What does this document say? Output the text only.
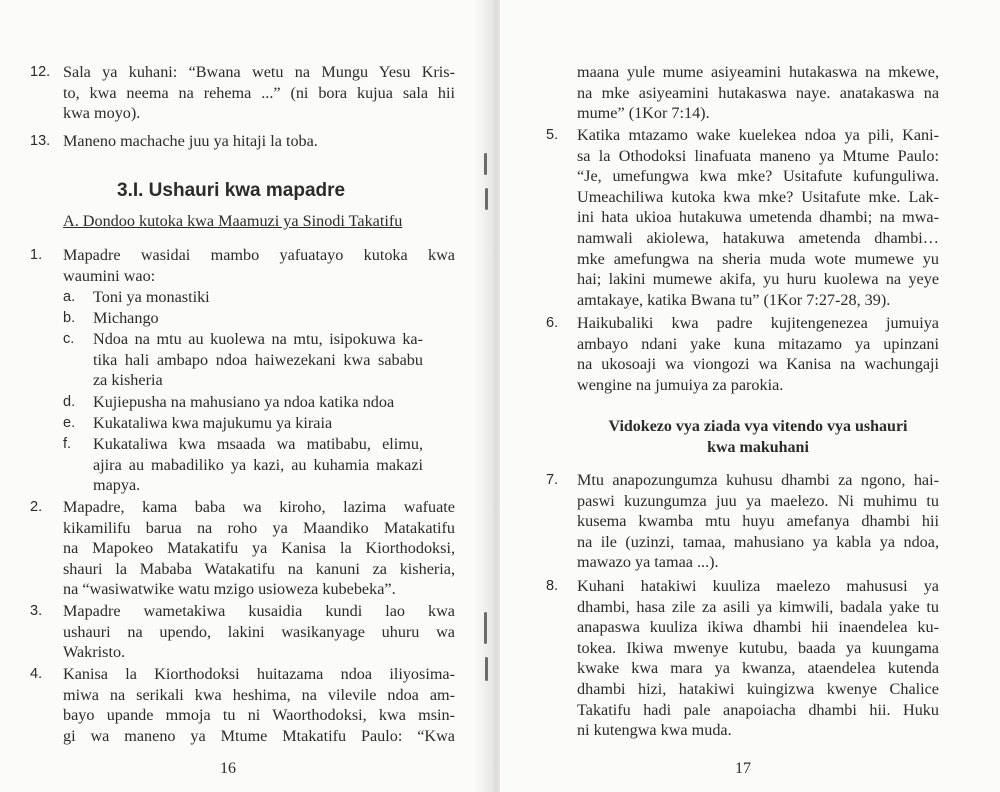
12. Sala ya kuhani: “Bwana wetu na Mungu Yesu Kris-
to, kwa neema na rehema ...” (ni bora kujua sala hii
kwa moyo).
13. Maneno machache juu ya hitaji la toba.
3.I. Ushauri kwa mapadre
A. Dondoo kutoka kwa Maamuzi ya Sinodi Takatifu
1. Mapadre wasidai mambo yafuatayo kutoka kwa
waumini wao:
a. Toni ya monastiki
b. Michango
c. Ndoa na mtu au kuolewa na mtu, isipokuwa ka-
tika hali ambapo ndoa haiwezekani kwa sababu
za kisheria
d. Kujiepusha na mahusiano ya ndoa katika ndoa
e. Kukataliwa kwa majukumu ya kiraia
f. Kukataliwa kwa msaada wa matibabu, elimu,
ajira au mabadiliko ya kazi, au kuhamia makazi
mapya.
2. Mapadre, kama baba wa kiroho, lazima wafuate
kikamilifu barua na roho ya Maandiko Matakatifu
na Mapokeo Matakatifu ya Kanisa la Kiorthodoksi,
shauri la Mababa Watakatifu na kanuni za kisheria,
na “wasiwatwike watu mzigo usioweza kubebeka”.
3. Mapadre wametakiwa kusaidia kundi lao kwa
ushauri na upendo, lakini wasikanyage uhuru wa
Wakristo.
4. Kanisa la Kiorthodoksi huitazama ndoa iliyosima-
miwa na serikali kwa heshima, na vilevile ndoa am-
bayo upande mmoja tu ni Waorthodoksi, kwa msin-
gi wa maneno ya Mtume Mtakatifu Paulo: “Kwa
16
maana yule mume asiyeamini hutakaswa na mkewe,
na mke asiyeamini hutakaswa naye. anatakaswa na
mume” (1Kor 7:14).
5. Katika mtazamo wake kuelekea ndoa ya pili, Kani-
sa la Othodoksi linafuata maneno ya Mtume Paulo:
“Je, umefungwa kwa mke? Usitafute kufunguliwa.
Umeachiliwa kutoka kwa mke? Usitafute mke. Lak-
ini hata ukioa hutakuwa umetenda dhambi; na mwa-
namwali akiolewa, hatakuwa ametenda dhambi…
mke amefungwa na sheria muda wote mumewe yu
hai; lakini mumewe akifa, yu huru kuolewa na yeye
amtakaye, katika Bwana tu” (1Kor 7:27-28, 39).
6. Haikubaliki kwa padre kujitengenezea jumuiya
ambayo ndani yake kuna mitazamo ya upinzani
na ukosoaji wa viongozi wa Kanisa na wachungaji
wengine na jumuiya za parokia.
Vidokezo vya ziada vya vitendo vya ushauri
kwa makuhani
7. Mtu anapozungumza kuhusu dhambi za ngono, hai-
paswi kuzungumza juu ya maelezo. Ni muhimu tu
kusema kwamba mtu huyu amefanya dhambi hii
na ile (uzinzi, tamaa, mahusiano ya kabla ya ndoa,
mawazo ya tamaa ...).
8. Kuhani hatakiwi kuuliza maelezo mahususi ya
dhambi, hasa zile za asili ya kimwili, badala yake tu
anapaswa kuuliza ikiwa dhambi hii inaendelea ku-
tokea. Ikiwa mwenye kutubu, baada ya kuungama
kwake kwa mara ya kwanza, ataendelea kutenda
dhambi hizi, hatakiwi kuingizwa kwenye Chalice
Takatifu hadi pale anapoiacha dhambi hii. Huku
ni kutengwa kwa muda.
17
